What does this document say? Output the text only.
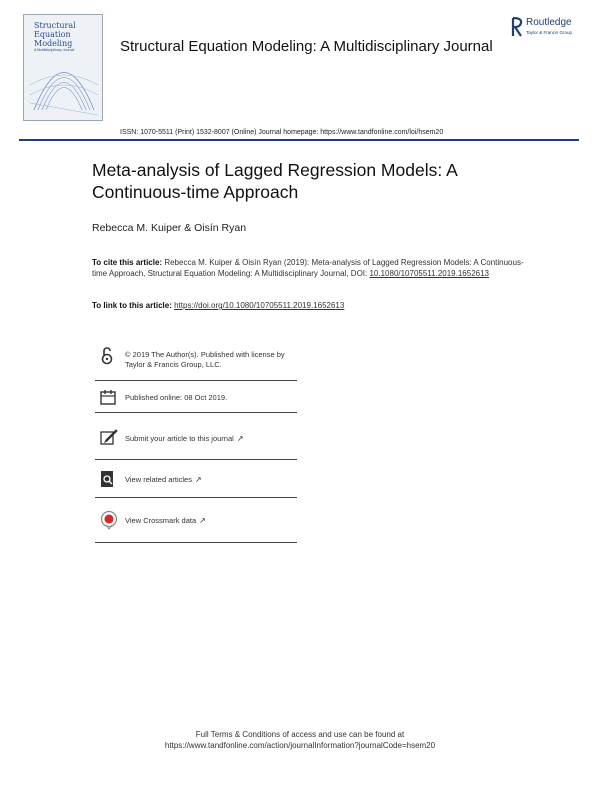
Structural
Equation
Modeling
A Multidisciplinary Journal	Structural Equation Modeling: A Multidisciplinary Journal
Routledge
Taylor & Francis Group
ISSN: 1070-5511 (Print) 1532-8007 (Online) Journal homepage: https://www.tandfonline.com/loi/hsem20
Meta-analysis of Lagged Regression Models: A Continuous-time Approach
Rebecca M. Kuiper & Oisín Ryan
To cite this article: Rebecca M. Kuiper & Oisín Ryan (2019): Meta-analysis of Lagged Regression Models: A Continuous-time Approach, Structural Equation Modeling: A Multidisciplinary Journal, DOI: 10.1080/10705511.2019.1652613
To link to this article: https://doi.org/10.1080/10705511.2019.1652613
© 2019 The Author(s). Published with license by Taylor & Francis Group, LLC.
Published online: 08 Oct 2019.
Submit your article to this journal ↗
View related articles ↗
View Crossmark data ↗
Full Terms & Conditions of access and use can be found at
https://www.tandfonline.com/action/journalInformation?journalCode=hsem20
